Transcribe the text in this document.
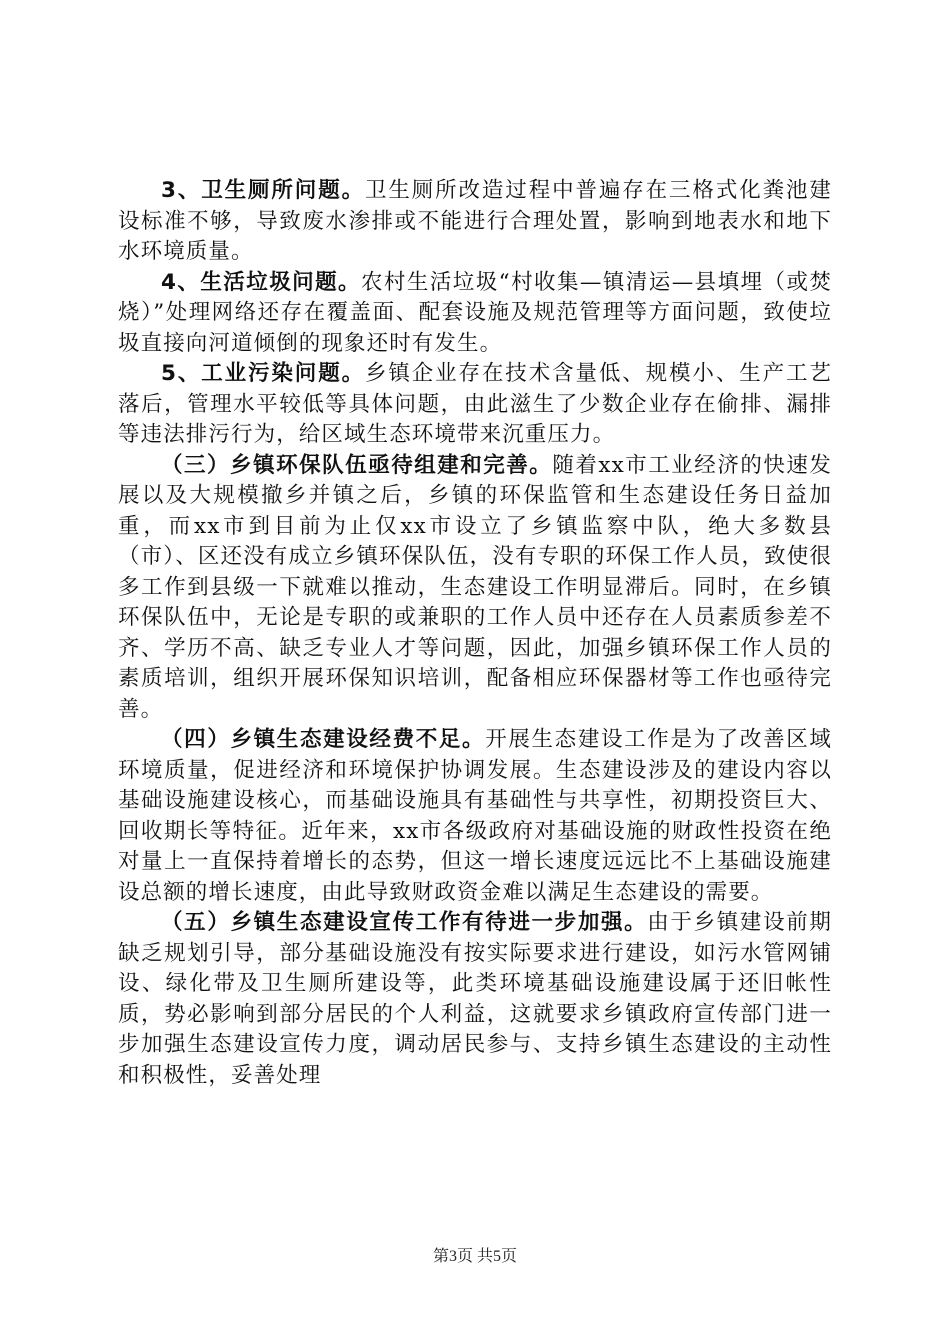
3、卫生厕所问题。卫生厕所改造过程中普遍存在三格式化粪池建设标准不够，导致废水渗排或不能进行合理处置，影响到地表水和地下水环境质量。

4、生活垃圾问题。农村生活垃圾“村收集—镇清运—县填埋（或焚烧）”处理网络还存在覆盖面、配套设施及规范管理等方面问题，致使垃圾直接向河道倾倒的现象还时有发生。

5、工业污染问题。乡镇企业存在技术含量低、规模小、生产工艺落后，管理水平较低等具体问题，由此滋生了少数企业存在偷排、漏排等违法排污行为，给区域生态环境带来沉重压力。

（三）乡镇环保队伍亟待组建和完善。随着xx市工业经济的快速发展以及大规模撤乡并镇之后，乡镇的环保监管和生态建设任务日益加重，而xx市到目前为止仅xx市设立了乡镇监察中队，绝大多数县（市）、区还没有成立乡镇环保队伍，没有专职的环保工作人员，致使很多工作到县级一下就难以推动，生态建设工作明显滞后。同时，在乡镇环保队伍中，无论是专职的或兼职的工作人员中还存在人员素质参差不齐、学历不高、缺乏专业人才等问题，因此，加强乡镇环保工作人员的素质培训，组织开展环保知识培训，配备相应环保器材等工作也亟待完善。

（四）乡镇生态建设经费不足。开展生态建设工作是为了改善区域环境质量，促进经济和环境保护协调发展。生态建设涉及的建设内容以基础设施建设核心，而基础设施具有基础性与共享性，初期投资巨大、回收期长等特征。近年来，xx市各级政府对基础设施的财政性投资在绝对量上一直保持着增长的态势，但这一增长速度远远比不上基础设施建设总额的增长速度，由此导致财政资金难以满足生态建设的需要。

（五）乡镇生态建设宣传工作有待进一步加强。由于乡镇建设前期缺乏规划引导，部分基础设施没有按实际要求进行建设，如污水管网铺设、绿化带及卫生厕所建设等，此类环境基础设施建设属于还旧帐性质，势必影响到部分居民的个人利益，这就要求乡镇政府宣传部门进一步加强生态建设宣传力度，调动居民参与、支持乡镇生态建设的主动性和积极性，妥善处理

第3页 共5页
